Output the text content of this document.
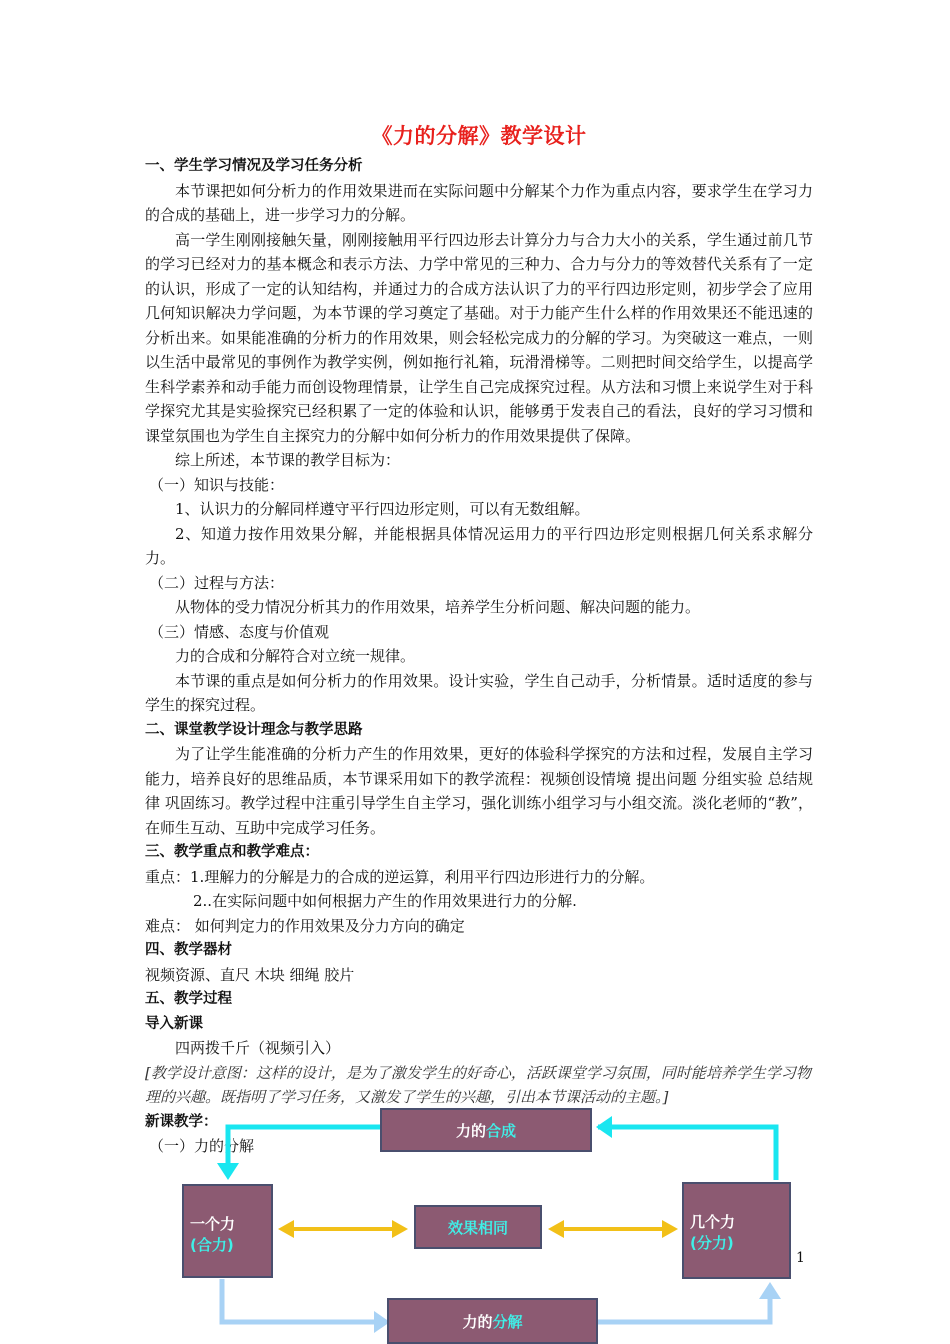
《力的分解》教学设计
一、学生学习情况及学习任务分析
本节课把如何分析力的作用效果进而在实际问题中分解某个力作为重点内容，要求学生在学习力的合成的基础上，进一步学习力的分解。
高一学生刚刚接触矢量，刚刚接触用平行四边形去计算分力与合力大小的关系，学生通过前几节的学习已经对力的基本概念和表示方法、力学中常见的三种力、合力与分力的等效替代关系有了一定的认识，形成了一定的认知结构，并通过力的合成方法认识了力的平行四边形定则，初步学会了应用几何知识解决力学问题，为本节课的学习奠定了基础。对于力能产生什么样的作用效果还不能迅速的分析出来。如果能准确的分析力的作用效果，则会轻松完成力的分解的学习。为突破这一难点，一则以生活中最常见的事例作为教学实例，例如拖行礼箱，玩滑滑梯等。二则把时间交给学生，以提高学生科学素养和动手能力而创设物理情景，让学生自己完成探究过程。从方法和习惯上来说学生对于科学探究尤其是实验探究已经积累了一定的体验和认识，能够勇于发表自己的看法，良好的学习习惯和课堂氛围也为学生自主探究力的分解中如何分析力的作用效果提供了保障。
综上所述，本节课的教学目标为：
（一）知识与技能：
1、认识力的分解同样遵守平行四边形定则，可以有无数组解。
2、知道力按作用效果分解，并能根据具体情况运用力的平行四边形定则根据几何关系求解分力。
（二）过程与方法：
从物体的受力情况分析其力的作用效果，培养学生分析问题、解决问题的能力。
（三）情感、态度与价值观
力的合成和分解符合对立统一规律。
本节课的重点是如何分析力的作用效果。设计实验，学生自己动手，分析情景。适时适度的参与学生的探究过程。
二、课堂教学设计理念与教学思路
为了让学生能准确的分析力产生的作用效果，更好的体验科学探究的方法和过程，发展自主学习能力，培养良好的思维品质，本节课采用如下的教学流程：视频创设情境 提出问题 分组实验 总结规律 巩固练习。教学过程中注重引导学生自主学习，强化训练小组学习与小组交流。淡化老师的“教”，在师生互动、互助中完成学习任务。
三、教学重点和教学难点：
重点：1.理解力的分解是力的合成的逆运算，利用平行四边形进行力的分解。
2..在实际问题中如何根据力产生的作用效果进行力的分解.
难点： 如何判定力的作用效果及分力方向的确定
四、教学器材
视频资源、直尺 木块 细绳 胶片
五、教学过程
导入新课
四两拨千斤（视频引入）
[教学设计意图：这样的设计，是为了激发学生的好奇心，活跃课堂学习氛围，同时能培养学生学习物理的兴趣。既指明了学习任务，又激发了学生的兴趣，引出本节课活动的主题。]
新课教学：
（一）力的分解
力的 合成
一个力
(合力)
效果相同	几个力
(分力)
力的 分解
1
